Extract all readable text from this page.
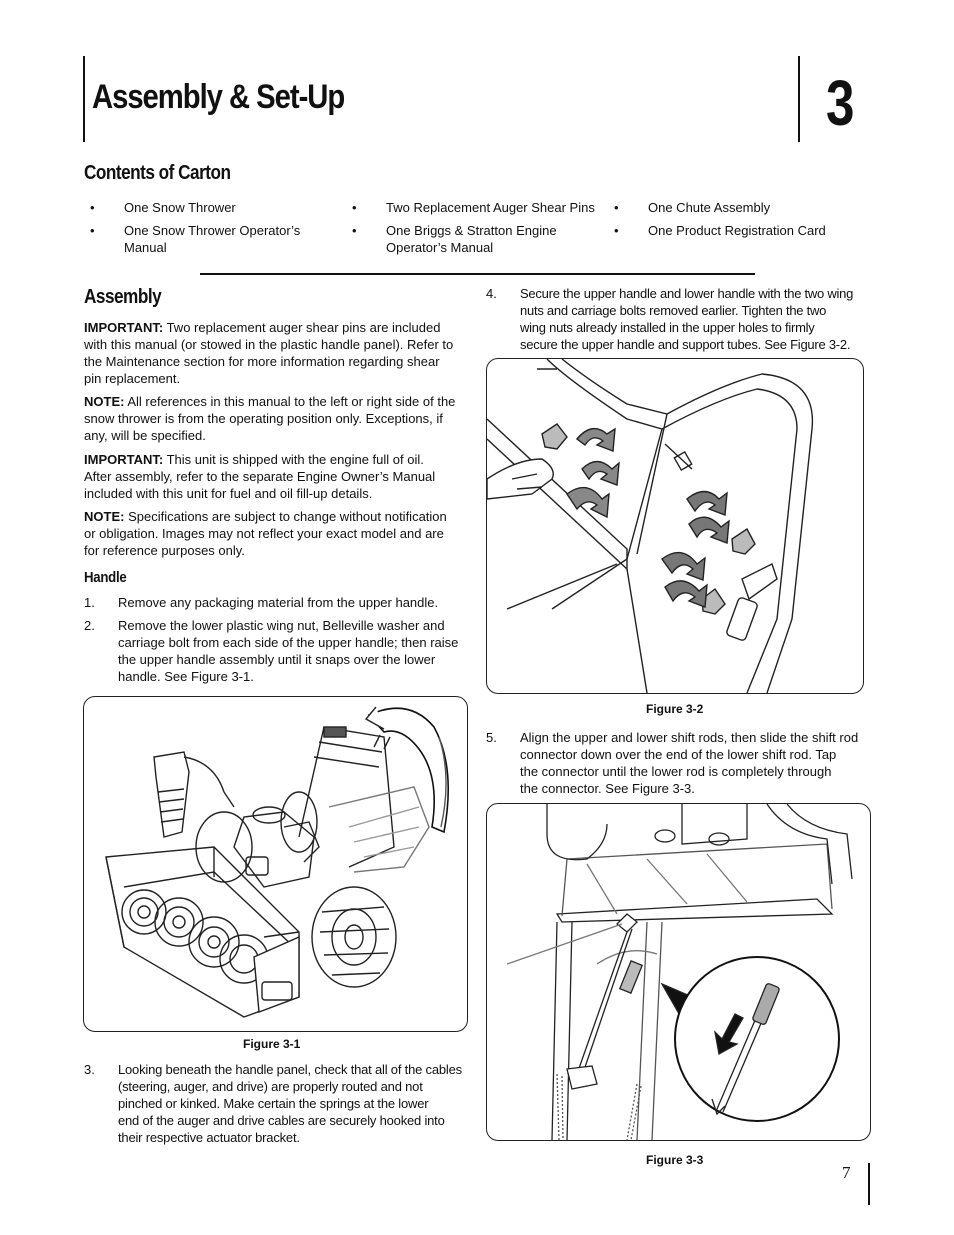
Assembly & Set-Up	3
Contents of Carton
• One Snow Thrower
• One Snow Thrower Operator’s
Manual
• Two Replacement Auger Shear Pins
• One Briggs & Stratton Engine
Operator’s Manual
• One Chute Assembly
• One Product Registration Card
Assembly
IMPORTANT: Two replacement auger shear pins are included
with this manual (or stowed in the plastic handle panel). Refer to
the Maintenance section for more information regarding shear
pin replacement.
NOTE: All references in this manual to the left or right side of the
snow thrower is from the operating position only. Exceptions, if
any, will be specified.
IMPORTANT: This unit is shipped with the engine full of oil.
After assembly, refer to the separate Engine Owner’s Manual
included with this unit for fuel and oil fill-up details.
NOTE: Specifications are subject to change without notification
or obligation. Images may not reflect your exact model and are
for reference purposes only.
Handle
1. Remove any packaging material from the upper handle.
2. Remove the lower plastic wing nut, Belleville washer and
carriage bolt from each side of the upper handle; then raise
the upper handle assembly until it snaps over the lower
handle. See Figure 3-1.
Figure 3-1
3. Looking beneath the handle panel, check that all of the cables
(steering, auger, and drive) are properly routed and not
pinched or kinked. Make certain the springs at the lower
end of the auger and drive cables are securely hooked into
their respective actuator bracket.
4. Secure the upper handle and lower handle with the two wing
nuts and carriage bolts removed earlier. Tighten the two
wing nuts already installed in the upper holes to firmly
secure the upper handle and support tubes. See Figure 3-2.
Figure 3-2
5. Align the upper and lower shift rods, then slide the shift rod
connector down over the end of the lower shift rod. Tap
the connector until the lower rod is completely through
the connector. See Figure 3-3.
Figure 3-3
7
